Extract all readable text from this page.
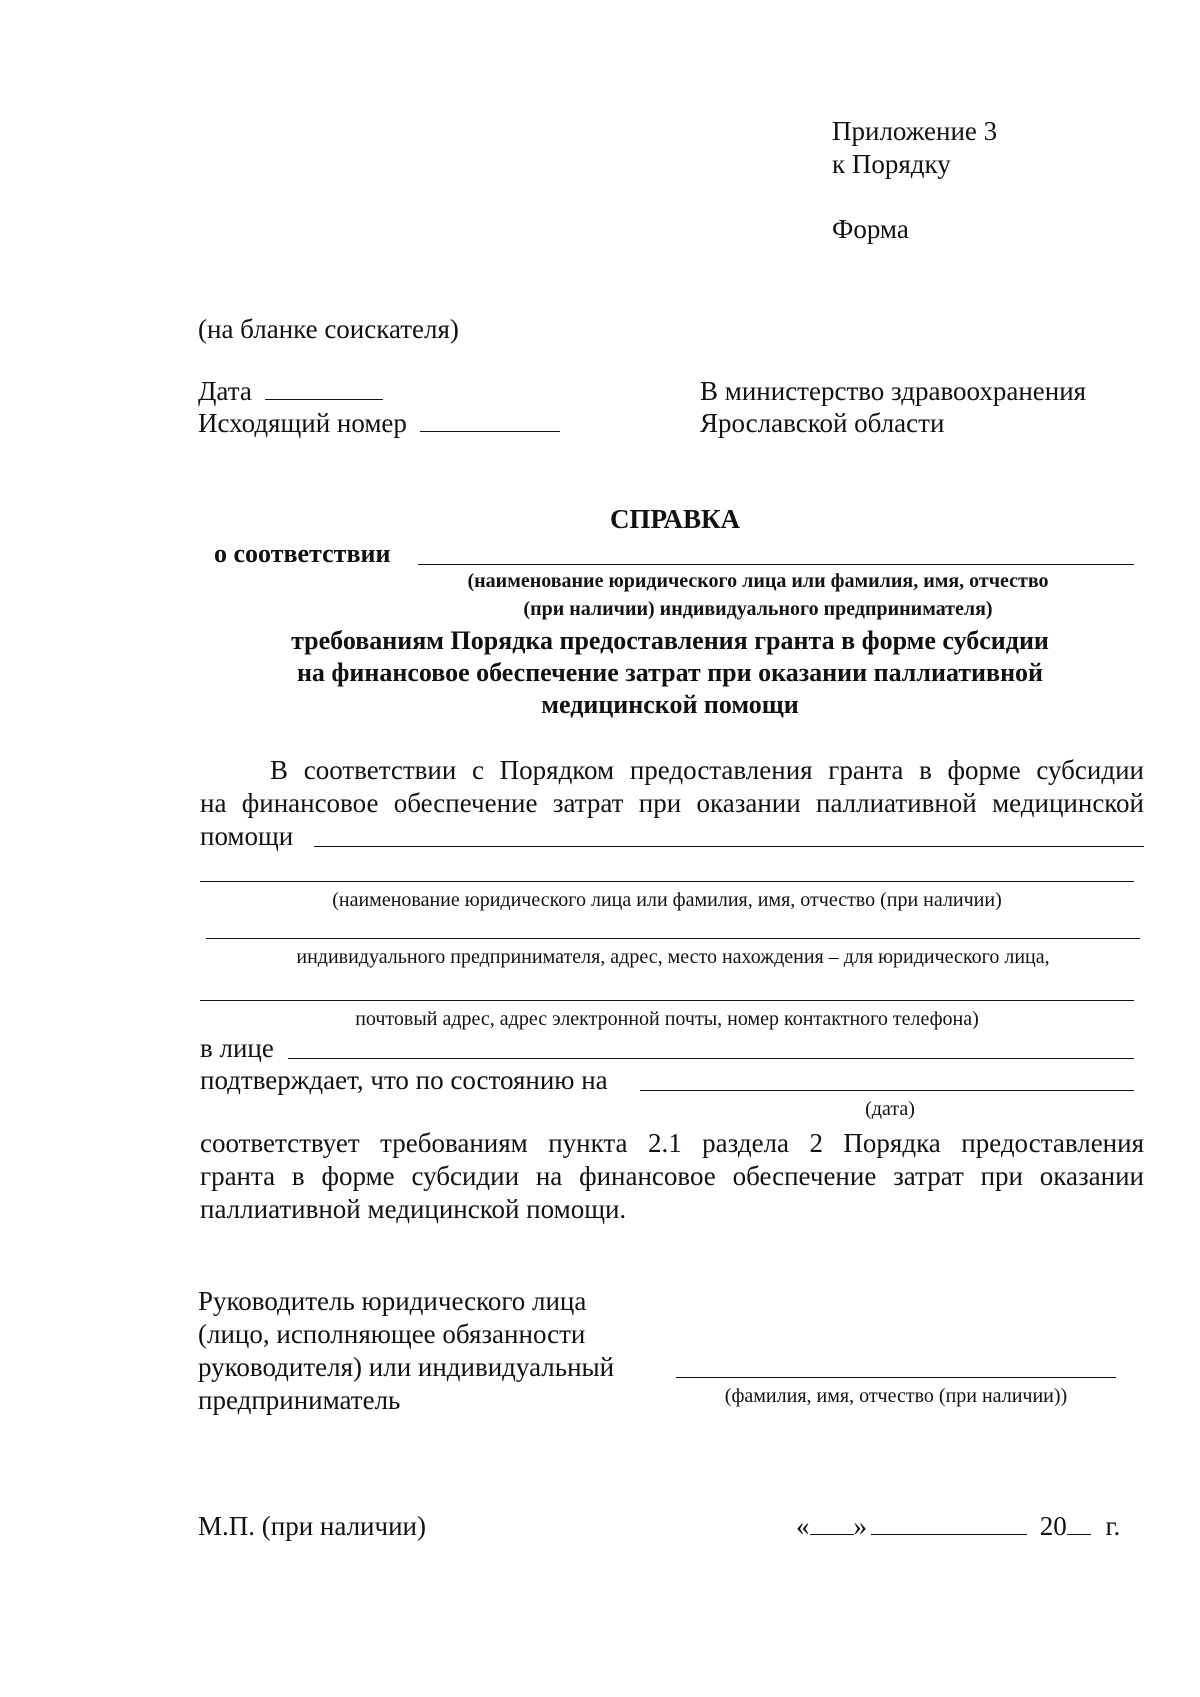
Приложение 3
к Порядку
Форма
(на бланке соискателя)
Дата
Исходящий номер
В министерство здравоохранения
Ярославской области
СПРАВКА
о соответствии
(наименование юридического лица или фамилия, имя, отчество
(при наличии) индивидуального предпринимателя)
требованиям Порядка предоставления гранта в форме субсидии
на финансовое обеспечение затрат при оказании паллиативной
медицинской помощи
В соответствии с Порядком предоставления гранта в форме субсидии
на финансовое обеспечение затрат при оказании паллиативной медицинской
помощи
(наименование юридического лица или фамилия, имя, отчество (при наличии)
индивидуального предпринимателя, адрес, место нахождения – для юридического лица,
почтовый адрес, адрес электронной почты, номер контактного телефона)
в лице
подтверждает, что по состоянию на
(дата)
соответствует требованиям пункта 2.1 раздела 2 Порядка предоставления
гранта в форме субсидии на финансовое обеспечение затрат при оказании
паллиативной медицинской помощи.
Руководитель юридического лица
(лицо, исполняющее обязанности
руководителя) или индивидуальный
предприниматель	(фамилия, имя, отчество (при наличии))
М.П. (при наличии)	« »	20 г.
